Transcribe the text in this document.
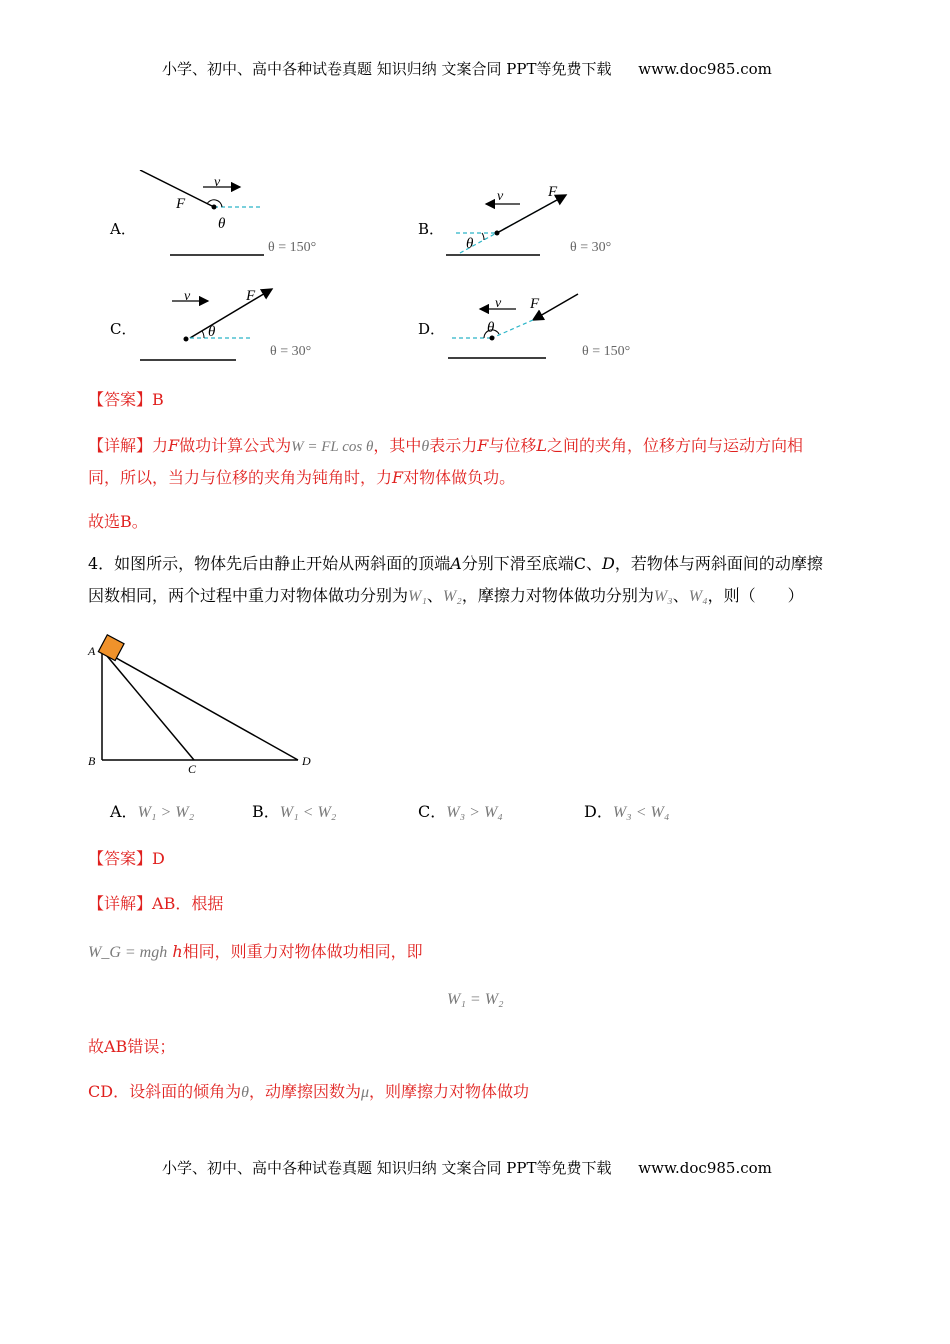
小学、初中、高中各种试卷真题 知识归纳 文案合同 PPT等免费下载 www.doc985.com
A．	B．
C．	D．
θ = 150°	θ = 30°
θ = 30°	θ = 150°
F
v
θ
F
v
θ
F
v
θ
F
v
θ
【答案】B
【详解】力F做功计算公式为W = FL cos θ，其中θ表示力F与位移L之间的夹角，位移方向与运动方向相
同，所以，当力与位移的夹角为钝角时，力F对物体做负功。
故选B。
4．如图所示，物体先后由静止开始从两斜面的顶端A分别下滑至底端C、D，若物体与两斜面间的动摩擦
因数相同，两个过程中重力对物体做功分别为W₁、W₂，摩擦力对物体做功分别为W₃、W₄，则（　　）
A
B
C
D
A．W₁ > W₂	B．W₁ < W₂	C．W₃ > W₄	D．W₃ < W₄
【答案】D
【详解】AB．根据
W_G = mgh h相同，则重力对物体做功相同，即
W₁ = W₂
故AB错误；
CD．设斜面的倾角为θ，动摩擦因数为μ，则摩擦力对物体做功
小学、初中、高中各种试卷真题 知识归纳 文案合同 PPT等免费下载 www.doc985.com
